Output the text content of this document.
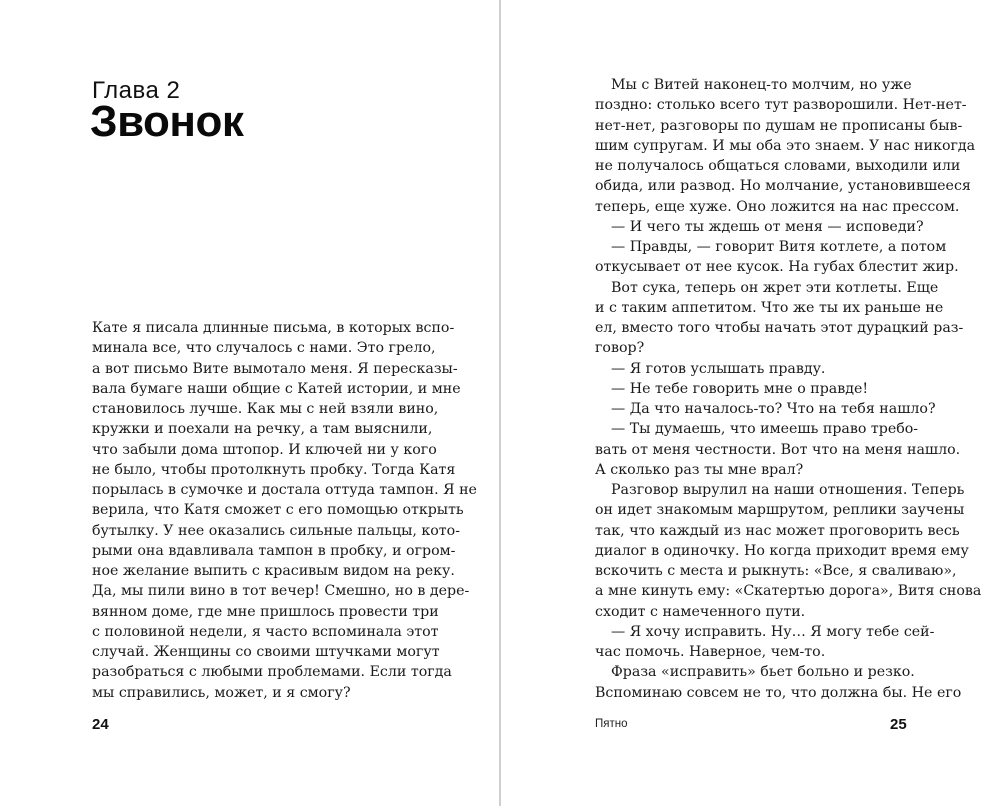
Глава 2
Звонок
Кате я писала длинные письма, в которых вспо-
минала все, что случалось с нами. Это грело,
а вот письмо Вите вымотало меня. Я пересказы-
вала бумаге наши общие с Катей истории, и мне
становилось лучше. Как мы с ней взяли вино,
кружки и поехали на речку, а там выяснили,
что забыли дома штопор. И ключей ни у кого
не было, чтобы протолкнуть пробку. Тогда Катя
порылась в сумочке и достала оттуда тампон. Я не
верила, что Катя сможет с его помощью открыть
бутылку. У нее оказались сильные пальцы, кото-
рыми она вдавливала тампон в пробку, и огром-
ное желание выпить с красивым видом на реку.
Да, мы пили вино в тот вечер! Смешно, но в дере-
вянном доме, где мне пришлось провести три
с половиной недели, я часто вспоминала этот
случай. Женщины со своими штучками могут
разобраться с любыми проблемами. Если тогда
мы справились, может, и я смогу?
24
Мы с Витей наконец-то молчим, но уже
поздно: столько всего тут разворошили. Нет-нет-
нет-нет, разговоры по душам не прописаны быв-
шим супругам. И мы оба это знаем. У нас никогда
не получалось общаться словами, выходили или
обида, или развод. Но молчание, установившееся
теперь, еще хуже. Оно ложится на нас прессом.
— И чего ты ждешь от меня — исповеди?
— Правды, — говорит Витя котлете, а потом
откусывает от нее кусок. На губах блестит жир.
Вот сука, теперь он жрет эти котлеты. Еще
и с таким аппетитом. Что же ты их раньше не
ел, вместо того чтобы начать этот дурацкий раз-
говор?
— Я готов услышать правду.
— Не тебе говорить мне о правде!
— Да что началось-то? Что на тебя нашло?
— Ты думаешь, что имеешь право требо-
вать от меня честности. Вот что на меня нашло.
А сколько раз ты мне врал?
Разговор вырулил на наши отношения. Теперь
он идет знакомым маршрутом, реплики заучены
так, что каждый из нас может проговорить весь
диалог в одиночку. Но когда приходит время ему
вскочить с места и рыкнуть: «Все, я сваливаю»,
а мне кинуть ему: «Скатертью дорога», Витя снова
сходит с намеченного пути.
— Я хочу исправить. Ну… Я могу тебе сей-
час помочь. Наверное, чем-то.
Фраза «исправить» бьет больно и резко.
Вспоминаю совсем не то, что должна бы. Не его
Пятно	25
